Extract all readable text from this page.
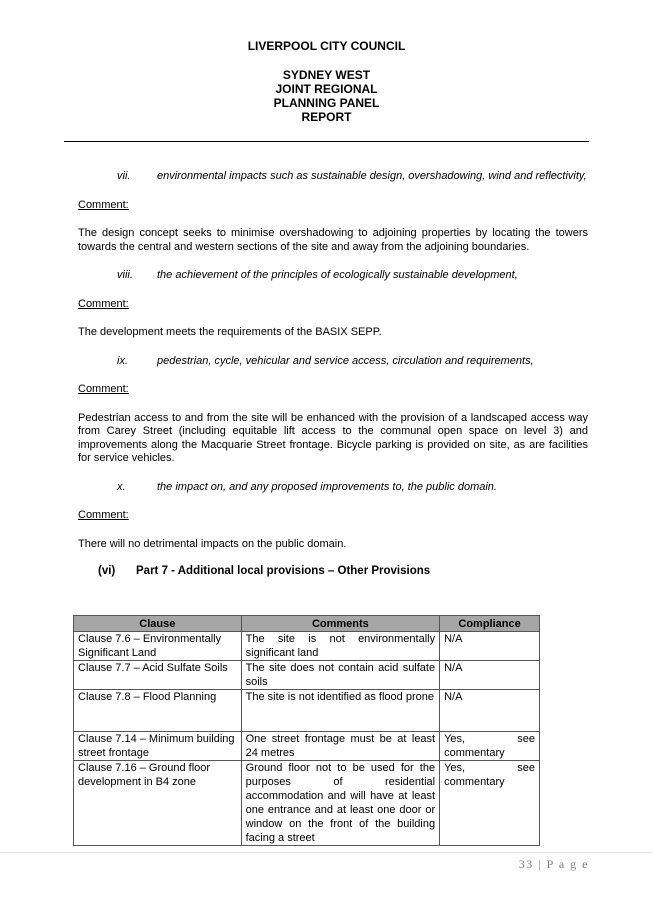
LIVERPOOL CITY COUNCIL
SYDNEY WEST
JOINT REGIONAL
PLANNING PANEL
REPORT
vii.	environmental impacts such as sustainable design, overshadowing, wind and reflectivity,
Comment:
The design concept seeks to minimise overshadowing to adjoining properties by locating the towers towards the central and western sections of the site and away from the adjoining boundaries.
viii.	the achievement of the principles of ecologically sustainable development,
Comment:
The development meets the requirements of the BASIX SEPP.
ix.	pedestrian, cycle, vehicular and service access, circulation and requirements,
Comment:
Pedestrian access to and from the site will be enhanced with the provision of a landscaped access way from Carey Street (including equitable lift access to the communal open space on level 3) and improvements along the Macquarie Street frontage. Bicycle parking is provided on site, as are facilities for service vehicles.
x.	the impact on, and any proposed improvements to, the public domain.
Comment:
There will no detrimental impacts on the public domain.
(vi)	Part 7 - Additional local provisions – Other Provisions
Clause	Comments	Compliance
Clause 7.6 – Environmentally Significant Land	The site is not environmentally significant land	N/A
Clause 7.7 – Acid Sulfate Soils	The site does not contain acid sulfate soils	N/A
Clause 7.8 – Flood Planning	The site is not identified as flood prone	N/A
Clause 7.14 – Minimum building street frontage	One street frontage must be at least 24 metres	Yes, see commentary
Clause 7.16 – Ground floor development in B4 zone	Ground floor not to be used for the purposes of residential accommodation and will have at least one entrance and at least one door or window on the front of the building facing a street	Yes, see commentary
33 | P a g e
